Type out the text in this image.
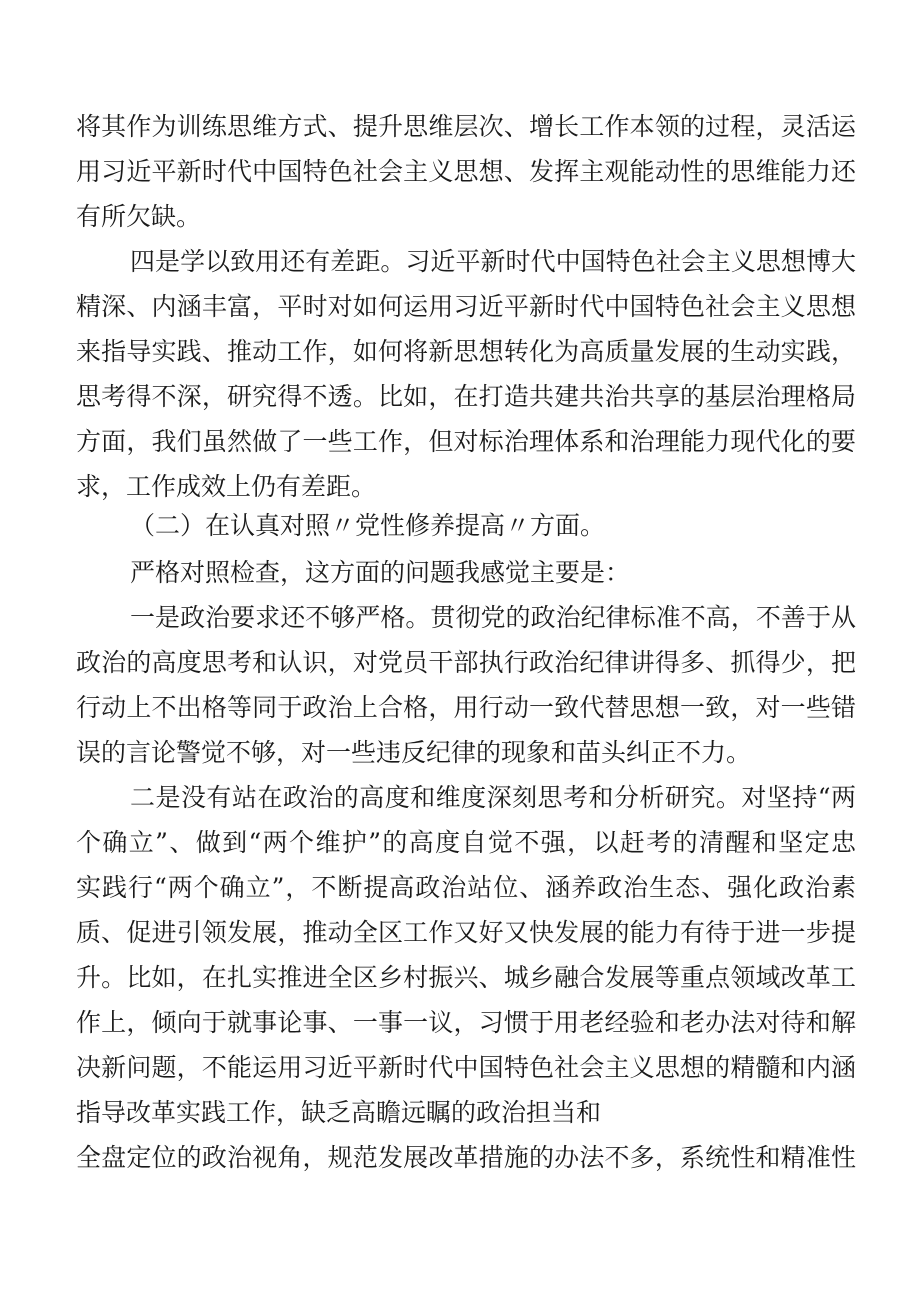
将其作为训练思维方式、提升思维层次、增长工作本领的过程，灵活运
用习近平新时代中国特色社会主义思想、发挥主观能动性的思维能力还
有所欠缺。
四是学以致用还有差距。习近平新时代中国特色社会主义思想博大
精深、内涵丰富，平时对如何运用习近平新时代中国特色社会主义思想
来指导实践、推动工作，如何将新思想转化为高质量发展的生动实践，
思考得不深，研究得不透。比如，在打造共建共治共享的基层治理格局
方面，我们虽然做了一些工作，但对标治理体系和治理能力现代化的要
求，工作成效上仍有差距。
（二）在认真对照〃党性修养提高〃方面。
严格对照检查，这方面的问题我感觉主要是：
一是政治要求还不够严格。贯彻党的政治纪律标准不高，不善于从
政治的高度思考和认识，对党员干部执行政治纪律讲得多、抓得少，把
行动上不出格等同于政治上合格，用行动一致代替思想一致，对一些错
误的言论警觉不够，对一些违反纪律的现象和苗头纠正不力。
二是没有站在政治的高度和维度深刻思考和分析研究。对坚持“两
个确立”、做到“两个维护”的高度自觉不强，以赶考的清醒和坚定忠
实践行“两个确立”，不断提高政治站位、涵养政治生态、强化政治素
质、促进引领发展，推动全区工作又好又快发展的能力有待于进一步提
升。比如，在扎实推进全区乡村振兴、城乡融合发展等重点领域改革工
作上，倾向于就事论事、一事一议，习惯于用老经验和老办法对待和解
决新问题，不能运用习近平新时代中国特色社会主义思想的精髓和内涵
指导改革实践工作，缺乏高瞻远瞩的政治担当和
全盘定位的政治视角，规范发展改革措施的办法不多，系统性和精准性
